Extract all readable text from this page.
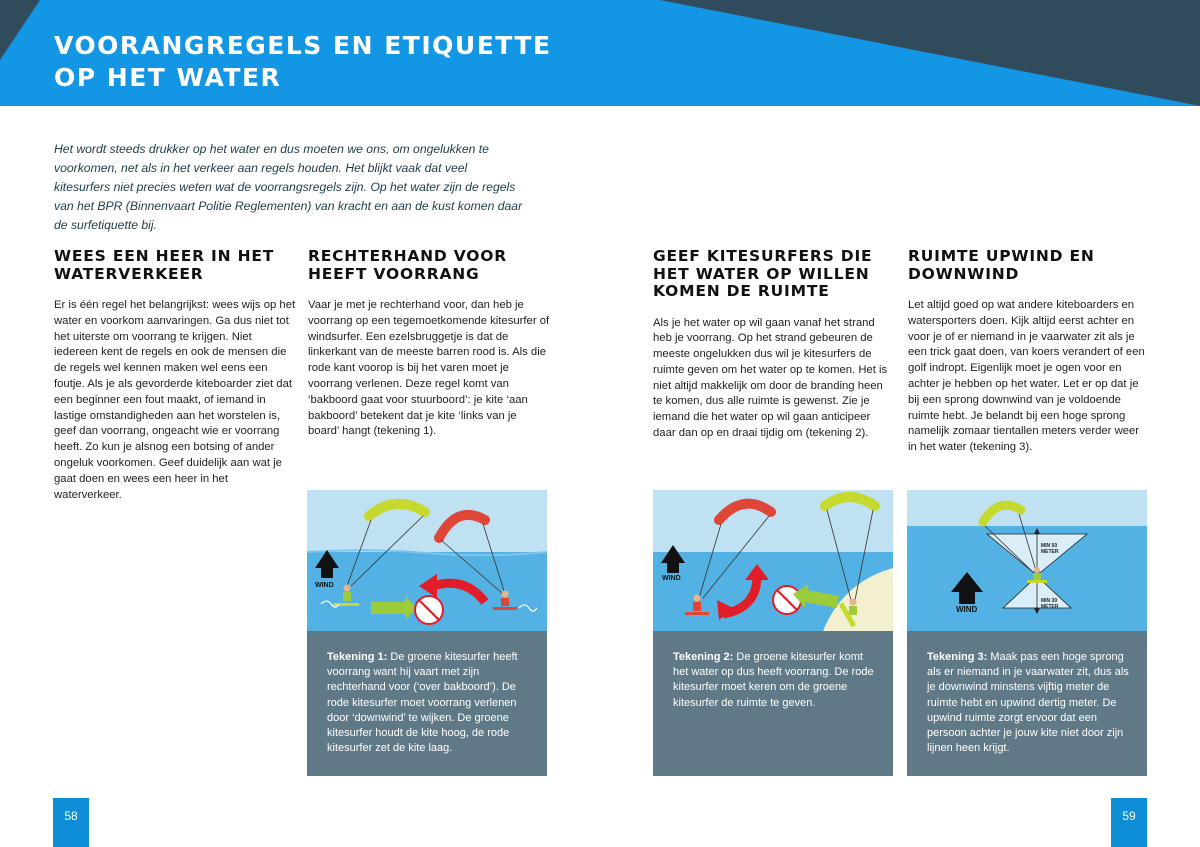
VOORANGREGELS EN ETIQUETTE
OP HET WATER

Het wordt steeds drukker op het water en dus moeten we ons, om ongelukken te voorkomen, net als in het verkeer aan regels houden. Het blijkt vaak dat veel kitesurfers niet precies weten wat de voorrangsregels zijn. Op het water zijn de regels van het BPR (Binnenvaart Politie Reglementen) van kracht en aan de kust komen daar de surfetiquette bij.

WEES EEN HEER IN HET
WATERVERKEER

Er is één regel het belangrijkst: wees wijs op het water en voorkom aanvaringen. Ga dus niet tot het uiterste om voorrang te krijgen. Niet iedereen kent de regels en ook de mensen die de regels wel kennen maken wel eens een foutje. Als je als gevorderde kiteboarder ziet dat een beginner een fout maakt, of iemand in lastige omstandigheden aan het worstelen is, geef dan voorrang, ongeacht wie er voorrang heeft. Zo kun je alsnog een botsing of ander ongeluk voorkomen. Geef duidelijk aan wat je gaat doen en wees een heer in het waterverkeer.

RECHTERHAND VOOR
HEEFT VOORRANG

Vaar je met je rechterhand voor, dan heb je voorrang op een tegemoetkomende kitesurfer of windsurfer. Een ezelsbruggetje is dat de linkerkant van de meeste barren rood is. Als die rode kant voorop is bij het varen moet je voorrang verlenen. Deze regel komt van ‘bakboord gaat voor stuurboord’: je kite ‘aan bakboord’ betekent dat je kite ‘links van je board’ hangt (tekening 1).

GEEF KITESURFERS DIE
HET WATER OP WILLEN
KOMEN DE RUIMTE

Als je het water op wil gaan vanaf het strand heb je voorrang. Op het strand gebeuren de meeste ongelukken dus wil je kitesurfers de ruimte geven om het water op te komen. Het is niet altijd makkelijk om door de branding heen te komen, dus alle ruimte is gewenst. Zie je iemand die het water op wil gaan anticipeer daar dan op en draai tijdig om (tekening 2).

RUIMTE UPWIND EN
DOWNWIND

Let altijd goed op wat andere kiteboarders en watersporters doen. Kijk altijd eerst achter en voor je of er niemand in je vaarwater zit als je een trick gaat doen, van koers verandert of een golf indropt. Eigenlijk moet je ogen voor en achter je hebben op het water. Let er op dat je bij een sprong downwind van je voldoende ruimte hebt. Je belandt bij een hoge sprong namelijk zomaar tientallen meters verder weer in het water (tekening 3).

WIND

Tekening 1: De groene kitesurfer heeft voorrang want hij vaart met zijn rechterhand voor (‘over bakboord’). De rode kitesurfer moet voorrang verlenen door ‘downwind’ te wijken. De groene kitesurfer houdt de kite hoog, de rode kitesurfer zet de kite laag.

WIND

Tekening 2: De groene kitesurfer komt het water op dus heeft voorrang. De rode kitesurfer moet keren om de groene kitesurfer de ruimte te geven.

MIN 50
METER
MIN 30
METER
WIND

Tekening 3: Maak pas een hoge sprong als er niemand in je vaarwater zit, dus als je downwind minstens vijftig meter de ruimte hebt en upwind dertig meter. De upwind ruimte zorgt ervoor dat een persoon achter je jouw kite niet door zijn lijnen heen krijgt.

58	59
